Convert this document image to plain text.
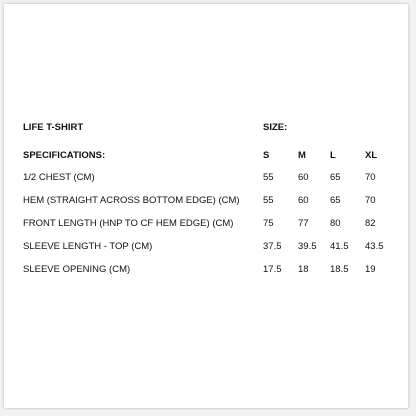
LIFE T-SHIRT	SIZE:
SPECIFICATIONS:	S	M	L	XL
1/2 CHEST (CM)	55	60 65	70
HEM (STRAIGHT ACROSS BOTTOM EDGE) (CM) 55	60 65	70
FRONT LENGTH (HNP TO CF HEM EDGE) (CM)	75	77 80	82
SLEEVE LENGTH - TOP (CM)	37.5 39.5 41.5 43.5
SLEEVE OPENING (CM)	17.5 18 18.5 19
